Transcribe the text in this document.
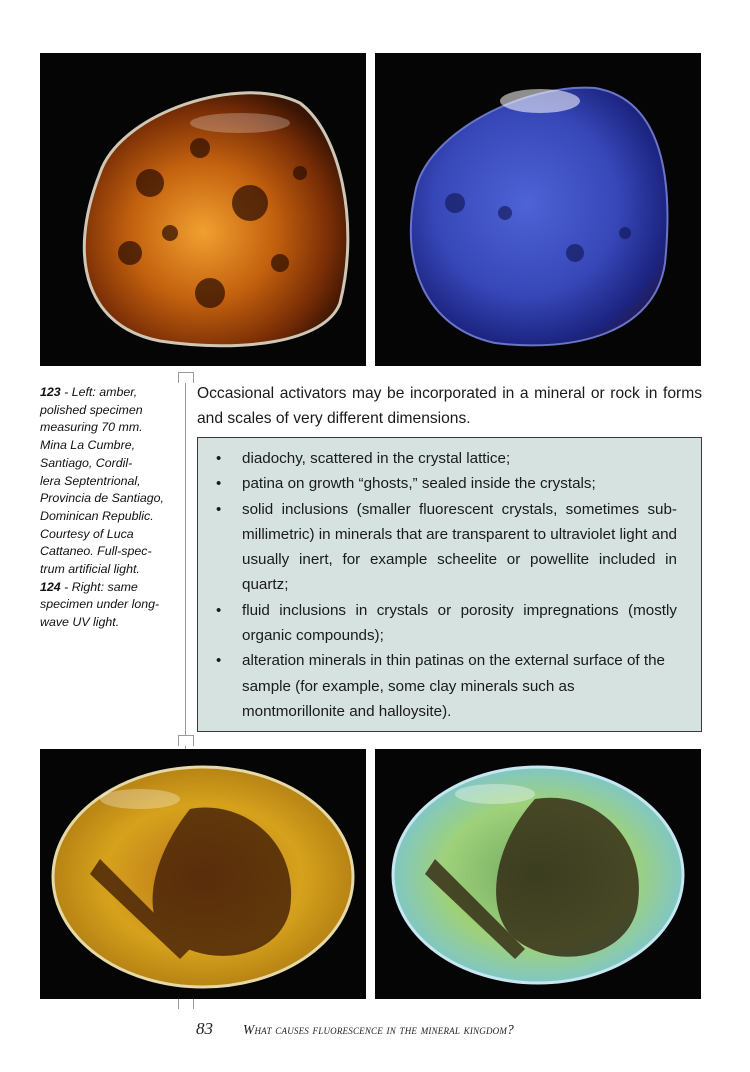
123 - Left: amber,
polished specimen
measuring 70 mm.
Mina La Cumbre,
Santiago, Cordil-
lera Septentrional,
Provincia de Santiago,
Dominican Republic.
Courtesy of Luca
Cattaneo. Full-spec-
trum artificial light.
124 - Right: same
specimen under long-
wave UV light.

Occasional activators may be incorporated in a mineral or rock in forms and scales of very different dimensions.

• diadochy, scattered in the crystal lattice;
• patina on growth “ghosts,” sealed inside the crystals;
• solid inclusions (smaller fluorescent crystals, sometimes sub-millimetric) in minerals that are transparent to ultraviolet light and usually inert, for example scheelite or powellite included in quartz;
• fluid inclusions in crystals or porosity impregnations (mostly organic compounds);
• alteration minerals in thin patinas on the external surface of the sample (for example, some clay minerals such as montmorillonite and halloysite).
83 What causes fluorescence in the mineral kingdom?
